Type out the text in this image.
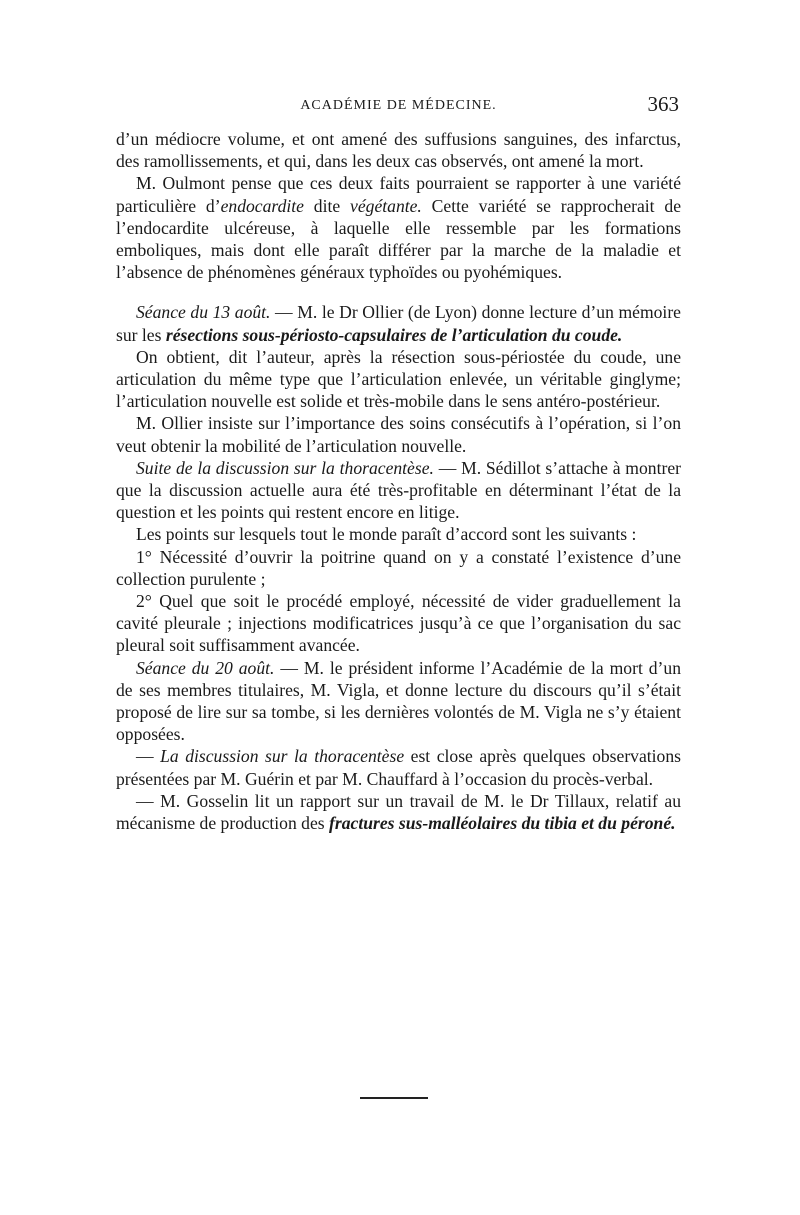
ACADÉMIE DE MÉDECINE.	363

d’un médiocre volume, et ont amené des suffusions sanguines, des infarctus, des ramollissements, et qui, dans les deux cas observés, ont amené la mort.

M. Oulmont pense que ces deux faits pourraient se rapporter à une variété particulière d’endocardite dite végétante. Cette variété se rapprocherait de l’endocardite ulcéreuse, à laquelle elle ressemble par les formations emboliques, mais dont elle paraît différer par la marche de la maladie et l’absence de phénomènes généraux typhoïdes ou pyohémiques.

Séance du 13 août. — M. le Dr Ollier (de Lyon) donne lecture d’un mémoire sur les résections sous-périosto-capsulaires de l’articulation du coude.

On obtient, dit l’auteur, après la résection sous-périostée du coude, une articulation du même type que l’articulation enlevée, un véritable ginglyme; l’articulation nouvelle est solide et très-mobile dans le sens antéro-postérieur.

M. Ollier insiste sur l’importance des soins consécutifs à l’opération, si l’on veut obtenir la mobilité de l’articulation nouvelle.

Suite de la discussion sur la thoracentèse. — M. Sédillot s’attache à montrer que la discussion actuelle aura été très-profitable en déterminant l’état de la question et les points qui restent encore en litige.

Les points sur lesquels tout le monde paraît d’accord sont les suivants :

1° Nécessité d’ouvrir la poitrine quand on y a constaté l’existence d’une collection purulente ;

2° Quel que soit le procédé employé, nécessité de vider graduellement la cavité pleurale ; injections modificatrices jusqu’à ce que l’organisation du sac pleural soit suffisamment avancée.

Séance du 20 août. — M. le président informe l’Académie de la mort d’un de ses membres titulaires, M. Vigla, et donne lecture du discours qu’il s’était proposé de lire sur sa tombe, si les dernières volontés de M. Vigla ne s’y étaient opposées.

— La discussion sur la thoracentèse est close après quelques observations présentées par M. Guérin et par M. Chauffard à l’occasion du procès-verbal.

— M. Gosselin lit un rapport sur un travail de M. le Dr Tillaux, relatif au mécanisme de production des fractures sus-malléolaires du tibia et du péroné.
